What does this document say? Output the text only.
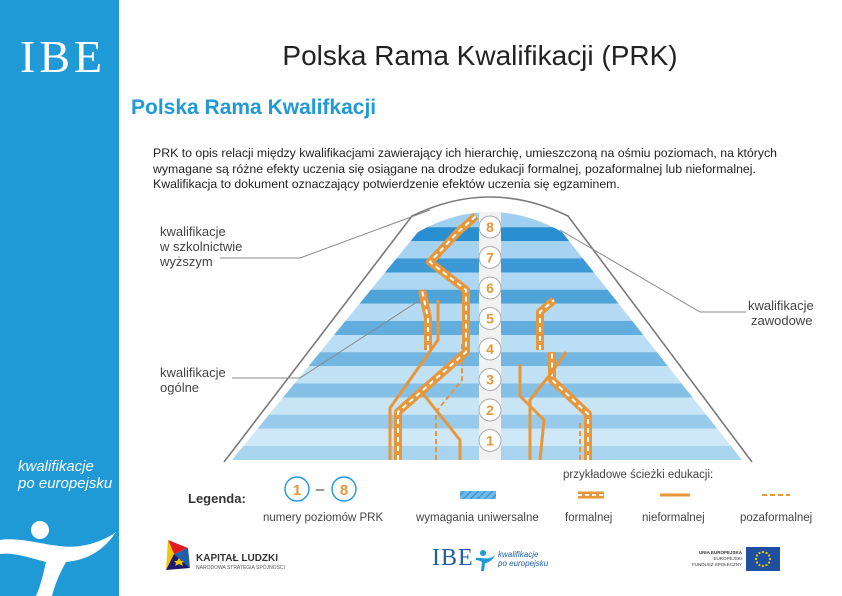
IBE
kwalifikacje
po europejsku
Polska Rama Kwalifikacji (PRK)
Polska Rama Kwalifkacji
PRK to opis relacji między kwalifikacjami zawierający ich hierarchię, umieszczoną na ośmiu poziomach, na których
wymagane są różne efekty uczenia się osiągane na drodze edukacji formalnej, pozaformalnej lub nieformalnej.
Kwalifikacja to dokument oznaczający potwierdzenie efektów uczenia się egzaminem.
8
7
6
5
4
3
2
1
1 – 8
kwalifikacje
w szkolnictwie
wyższym
kwalifikacje
ogólne
kwalifikacje
zawodowe
Legenda:
przykładowe ścieżki edukacji:
numery poziomów PRK	wymagania uniwersalne formalnej	nieformalnej	pozaformalnej
KAPITAŁ LUDZKI
NARODOWA STRATEGIA SPÓJNOŚCI	IBE	kwalifikacje
po europejsku
UNIA EUROPEJSKA
EUROPEJSKI
FUNDUSZ SPOŁECZNY
